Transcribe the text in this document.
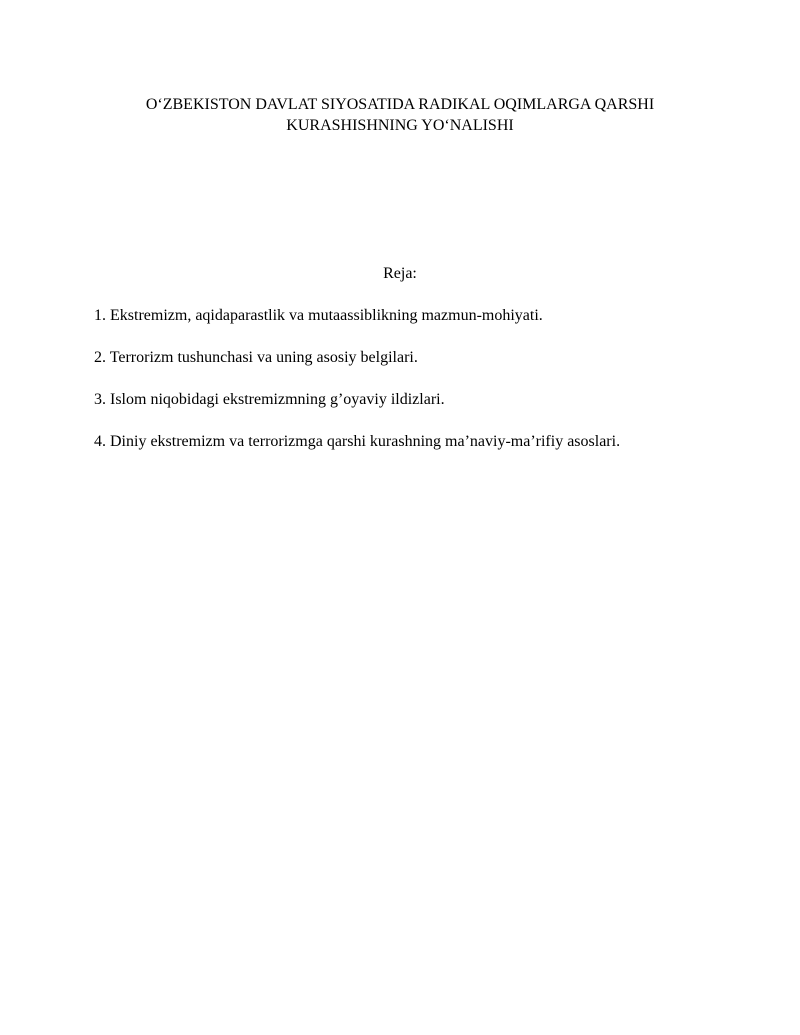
O‘ZBEKISTON DAVLAT SIYOSATIDA RADIKAL OQIMLARGA QARSHI
KURASHISHNING YO‘NALISHI
Reja:
1. Ekstremizm, aqidaparastlik va mutaassiblikning mazmun-mohiyati.
2. Terrorizm tushunchasi va uning asosiy belgilari.
3. Islom niqobidagi ekstremizmning g’oyaviy ildizlari.
4. Diniy ekstremizm va terrorizmga qarshi kurashning ma’naviy-ma’rifiy asoslari.
